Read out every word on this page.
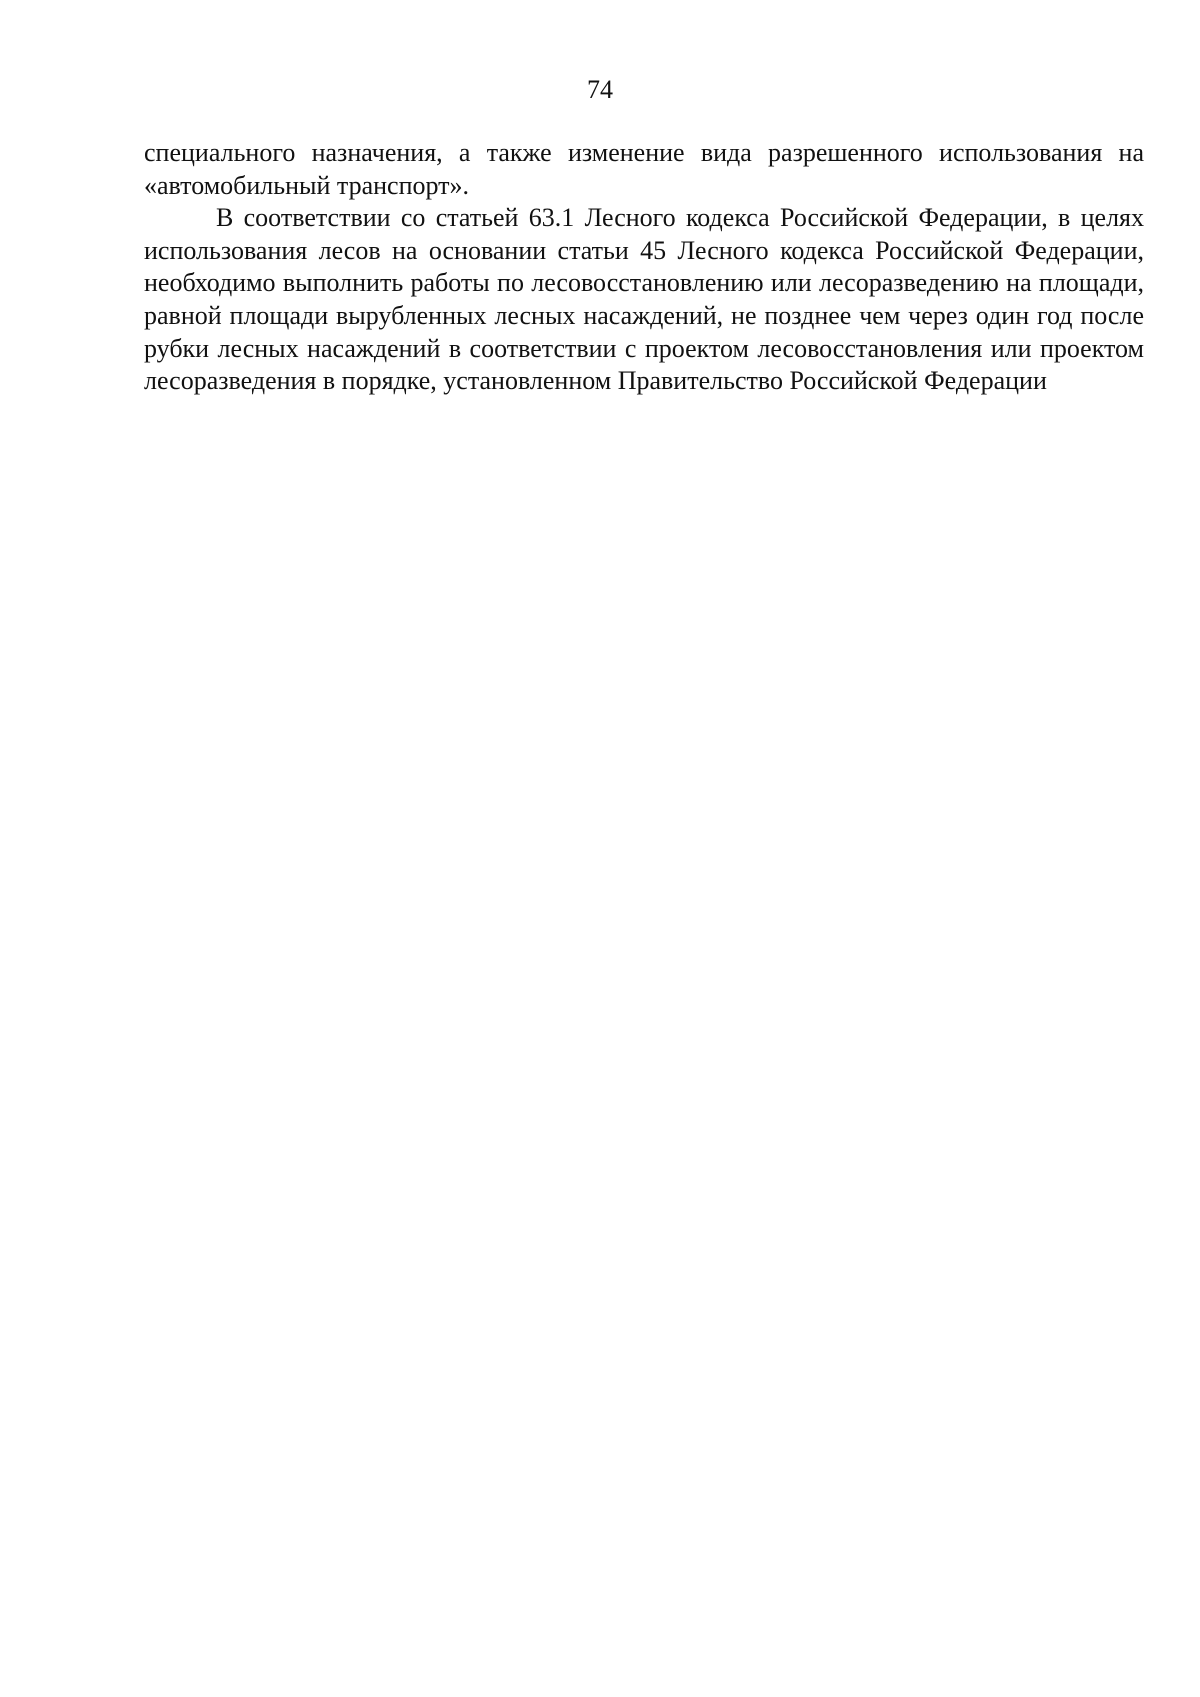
74

специального назначения, а также изменение вида разрешенного использования на «автомобильный транспорт».

В соответствии со статьей 63.1 Лесного кодекса Российской Федерации, в целях использования лесов на основании статьи 45 Лесного кодекса Российской Федерации, необходимо выполнить работы по лесовосстановлению или лесоразведению на площади, равной площади вырубленных лесных насаждений, не позднее чем через один год после рубки лесных насаждений в соответствии с проектом лесовосстановления или проектом лесоразведения в порядке, установленном Правительство Российской Федерации
